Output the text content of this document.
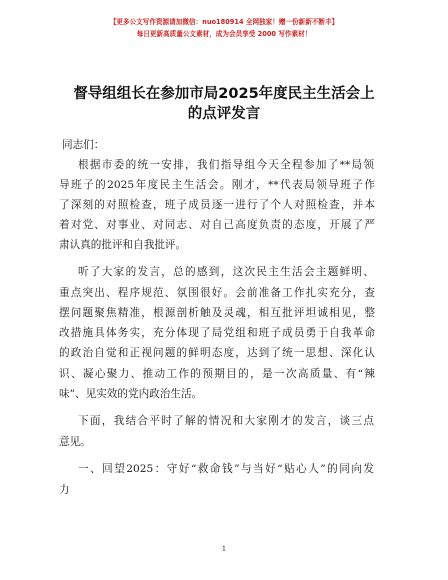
【更多公文写作资源请加微信：nuo180914 全网独家！赠一份新新不断丰】
每日更新高质量公文素材，成为会员享受 2000 写作素材！
督导组组长在参加市局2025年度民主生活会上
的点评发言
同志们：
根据市委的统一安排，我们指导组今天全程参加了**局领
导班子的2025年度民主生活会。刚才，**代表局领导班子作
了深刻的对照检查，班子成员逐一进行了个人对照检查，并本
着对党、对事业、对同志、对自己高度负责的态度，开展了严
肃认真的批评和自我批评。
听了大家的发言，总的感到，这次民主生活会主题鲜明、
重点突出、程序规范、氛围很好。会前准备工作扎实充分，查
摆问题聚焦精准，根源剖析触及灵魂，相互批评坦诚相见，整
改措施具体务实，充分体现了局党组和班子成员勇于自我革命
的政治自觉和正视问题的鲜明态度，达到了统一思想、深化认
识、凝心聚力、推动工作的预期目的，是一次高质量、有“辣
味”、见实效的党内政治生活。
下面，我结合平时了解的情况和大家刚才的发言，谈三点
意见。
一、回望2025：守好“救命钱”与当好“贴心人”的同向发
力
1
